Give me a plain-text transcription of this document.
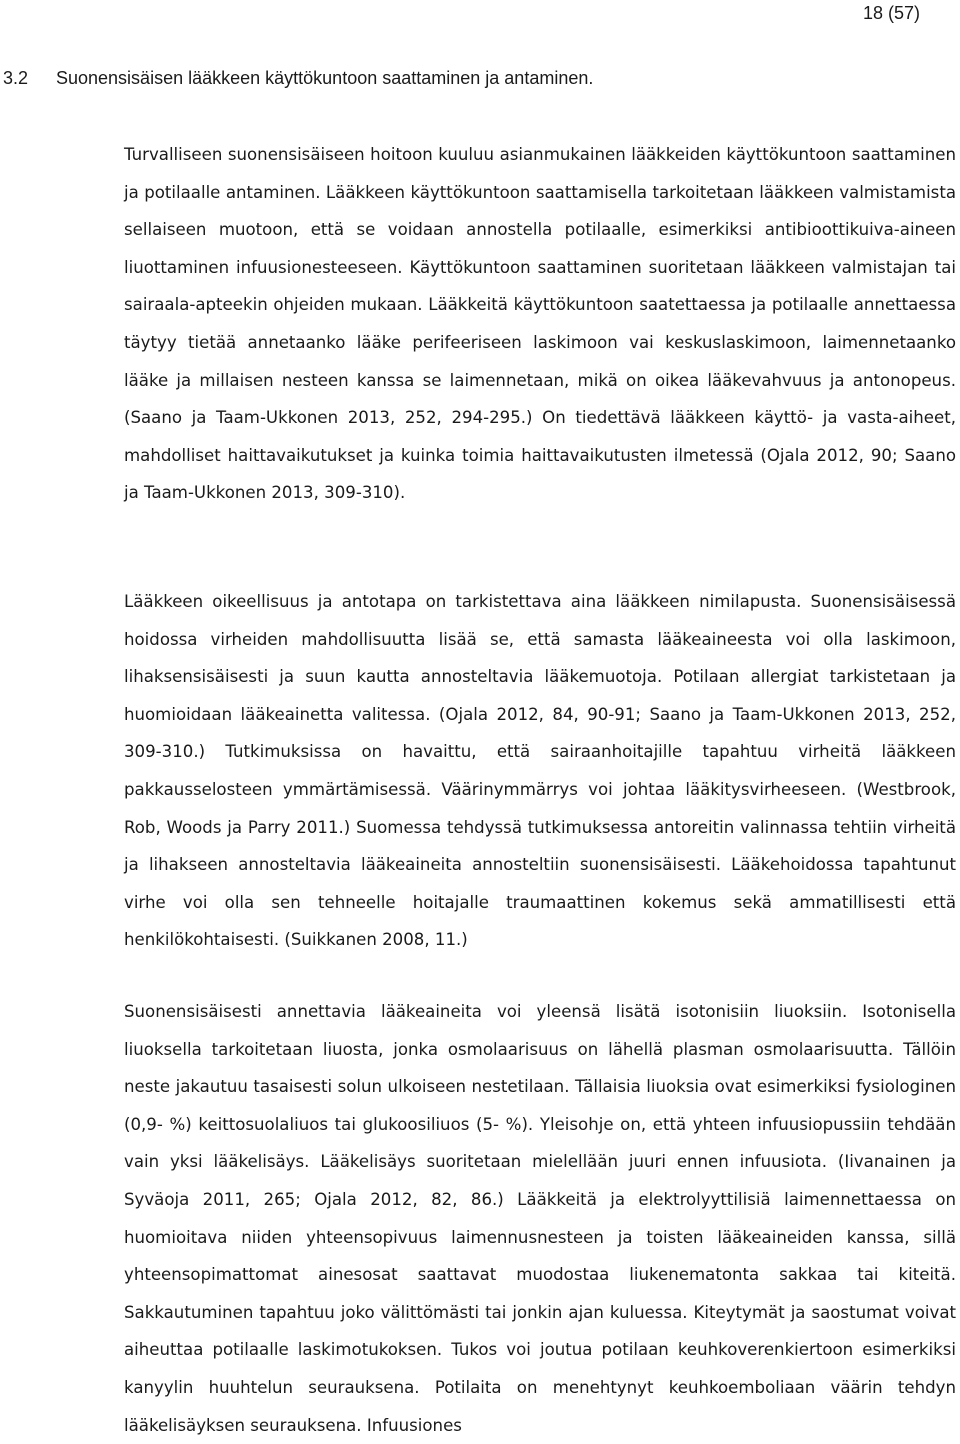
18 (57)
3.2 Suonensisäisen lääkkeen käyttökuntoon saattaminen ja antaminen.

Turvalliseen suonensisäiseen hoitoon kuuluu asianmukainen lääkkeiden käyttökuntoon saattaminen ja potilaalle antaminen. Lääkkeen käyttökuntoon saattamisella tarkoitetaan lääkkeen valmistamista sellaiseen muotoon, että se voidaan annostella potilaalle, esimerkiksi antibioottikuiva-aineen liuottaminen infuusionesteeseen. Käyttökuntoon saattaminen suoritetaan lääkkeen valmistajan tai sairaala-apteekin ohjeiden mukaan. Lääkkeitä käyttökuntoon saatettaessa ja potilaalle annettaessa täytyy tietää annetaanko lääke perifeeriseen laskimoon vai keskuslaskimoon, laimennetaanko lääke ja millaisen nesteen kanssa se laimennetaan, mikä on oikea lääkevahvuus ja antonopeus. (Saano ja Taam-Ukkonen 2013, 252, 294-295.) On tiedettävä lääkkeen käyttö- ja vasta-aiheet, mahdolliset haittavaikutukset ja kuinka toimia haittavaikutusten ilmetessä (Ojala 2012, 90; Saano ja Taam-Ukkonen 2013, 309-310).

Lääkkeen oikeellisuus ja antotapa on tarkistettava aina lääkkeen nimilapusta. Suonensisäisessä hoidossa virheiden mahdollisuutta lisää se, että samasta lääkeaineesta voi olla laskimoon, lihaksensisäisesti ja suun kautta annosteltavia lääkemuotoja. Potilaan allergiat tarkistetaan ja huomioidaan lääkeainetta valitessa. (Ojala 2012, 84, 90-91; Saano ja Taam-Ukkonen 2013, 252, 309-310.) Tutkimuksissa on havaittu, että sairaanhoitajille tapahtuu virheitä lääkkeen pakkausselosteen ymmärtämisessä. Väärinymmärrys voi johtaa lääkitysvirheeseen. (Westbrook, Rob, Woods ja Parry 2011.) Suomessa tehdyssä tutkimuksessa antoreitin valinnassa tehtiin virheitä ja lihakseen annosteltavia lääkeaineita annosteltiin suonensisäisesti. Lääkehoidossa tapahtunut virhe voi olla sen tehneelle hoitajalle traumaattinen kokemus sekä ammatillisesti että henkilökohtaisesti. (Suikkanen 2008, 11.)

Suonensisäisesti annettavia lääkeaineita voi yleensä lisätä isotonisiin liuoksiin. Isotonisella liuoksella tarkoitetaan liuosta, jonka osmolaarisuus on lähellä plasman osmolaarisuutta. Tällöin neste jakautuu tasaisesti solun ulkoiseen nestetilaan. Tällaisia liuoksia ovat esimerkiksi fysiologinen (0,9- %) keittosuolaliuos tai glukoosiliuos (5- %). Yleisohje on, että yhteen infuusiopussiin tehdään vain yksi lääkelisäys. Lääkelisäys suoritetaan mielellään juuri ennen infuusiota. (Iivanainen ja Syväoja 2011, 265; Ojala 2012, 82, 86.) Lääkkeitä ja elektrolyyttilisiä laimennettaessa on huomioitava niiden yhteensopivuus laimennusnesteen ja toisten lääkeaineiden kanssa, sillä yhteensopimattomat ainesosat saattavat muodostaa liukenematonta sakkaa tai kiteitä. Sakkautuminen tapahtuu joko välittömästi tai jonkin ajan kuluessa. Kiteytymät ja saostumat voivat aiheuttaa potilaalle laskimotukoksen. Tukos voi joutua potilaan keuhkoverenkiertoon esimerkiksi kanyylin huuhtelun seurauksena. Potilaita on menehtynyt keuhkoemboliaan väärin tehdyn lääkelisäyksen seurauksena. Infuusiones
